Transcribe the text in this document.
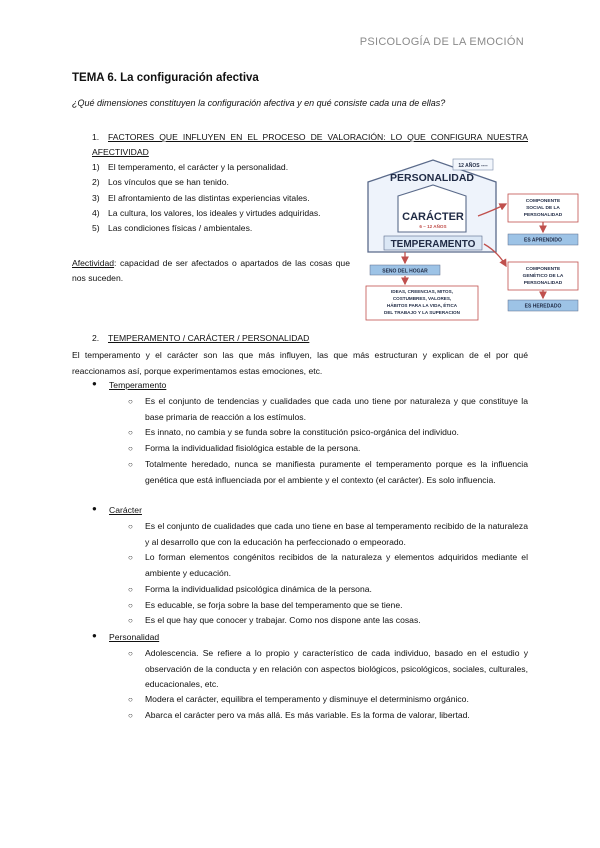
PSICOLOGÍA DE LA EMOCIÓN
TEMA 6. La configuración afectiva
¿Qué dimensiones constituyen la configuración afectiva y en qué consiste cada una de ellas?
1. FACTORES QUE INFLUYEN EN EL PROCESO DE VALORACIÓN: LO QUE CONFIGURA NUESTRA AFECTIVIDAD
1) El temperamento, el carácter y la personalidad.
2) Los vínculos que se han tenido.
3) El afrontamiento de las distintas experiencias vitales.
4) La cultura, los valores, los ideales y virtudes adquiridas.
5) Las condiciones físicas / ambientales.
Afectividad: capacidad de ser afectados o apartados de las cosas que nos suceden.
12 AÑOS ----
PERSONALIDAD
CARÁCTER
6 – 12 AÑOS
TEMPERAMENTO
SENO DEL HOGAR
IDEAS, CREENCIAS, MITOS,
COSTUMBRES, VALORES,
HÁBITOS PARA LA VIDA, ÉTICA
DEL TRABAJO Y LA SUPERACION
COMPONENTE
SOCIAL DE LA
PERSONALIDAD
ES APRENDIDO
COMPONENTE
GENÉTICO DE LA
PERSONALIDAD
ES HEREDADO
2. TEMPERAMENTO / CARÁCTER / PERSONALIDAD
El temperamento y el carácter son las que más influyen, las que más estructuran y explican de el por qué reaccionamos así, porque experimentamos estas emociones, etc.
● Temperamento
○ Es el conjunto de tendencias y cualidades que cada uno tiene por naturaleza y que constituye la base primaria de reacción a los estímulos.
○ Es innato, no cambia y se funda sobre la constitución psico-orgánica del individuo.
○ Forma la individualidad fisiológica estable de la persona.
○ Totalmente heredado, nunca se manifiesta puramente el temperamento porque es la influencia genética que está influenciada por el ambiente y el contexto (el carácter). Es solo influencia.
● Carácter
○ Es el conjunto de cualidades que cada uno tiene en base al temperamento recibido de la naturaleza y al desarrollo que con la educación ha perfeccionado o empeorado.
○ Lo forman elementos congénitos recibidos de la naturaleza y elementos adquiridos mediante el ambiente y educación.
○ Forma la individualidad psicológica dinámica de la persona.
○ Es educable, se forja sobre la base del temperamento que se tiene.
○ Es el que hay que conocer y trabajar. Como nos dispone ante las cosas.
● Personalidad
○ Adolescencia. Se refiere a lo propio y característico de cada individuo, basado en el estudio y observación de la conducta y en relación con aspectos biológicos, psicológicos, sociales, culturales, educacionales, etc.
○ Modera el carácter, equilibra el temperamento y disminuye el determinismo orgánico.
○ Abarca el carácter pero va más allá. Es más variable. Es la forma de valorar, libertad.
